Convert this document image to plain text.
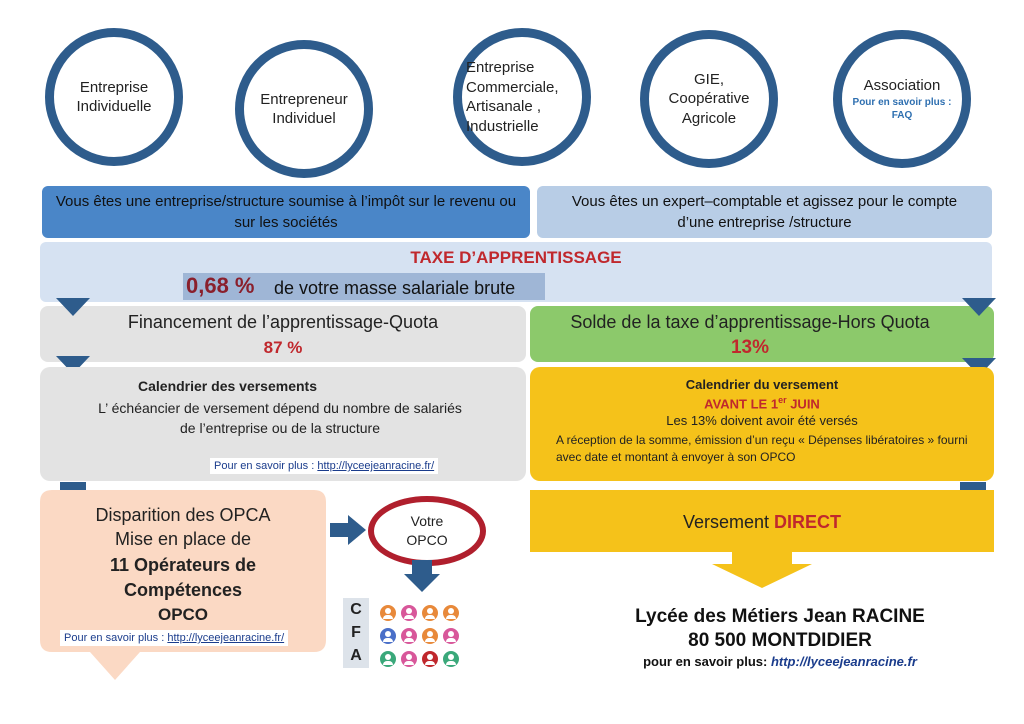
Entreprise Individuelle	Entrepreneur Individuel
Entreprise Commerciale, Artisanale , Industrielle
GIE, Coopérative Agricole
Association
Pour en savoir plus : FAQ
Vous êtes une entreprise/structure soumise à l’impôt sur le revenu ou sur les sociétés
Vous êtes un expert–comptable et agissez pour le compte d’une entreprise /structure
TAXE D’APPRENTISSAGE
0,68 % de votre masse salariale brute
Financement de l’apprentissage-Quota
87 %
Solde de la taxe d’apprentissage-Hors Quota
13%
Calendrier des versements
L’ échéancier de versement dépend du nombre de salariés de l’entreprise ou de la structure
Pour en savoir plus : http://lyceejeanracine.fr/
Calendrier du versement
AVANT LE 1er JUIN
Les 13% doivent avoir été versés
A réception de la somme, émission d’un reçu « Dépenses libératoires » fourni avec date et montant à envoyer à son OPCO
Disparition des OPCA
Mise en place de
11 Opérateurs de
Compétences
OPCO
Pour en savoir plus : http://lyceejeanracine.fr/
Votre OPCO
C
F
A
Versement DIRECT
Lycée des Métiers Jean RACINE
80 500 MONTDIDIER
pour en savoir plus: http://lyceejeanracine.fr
